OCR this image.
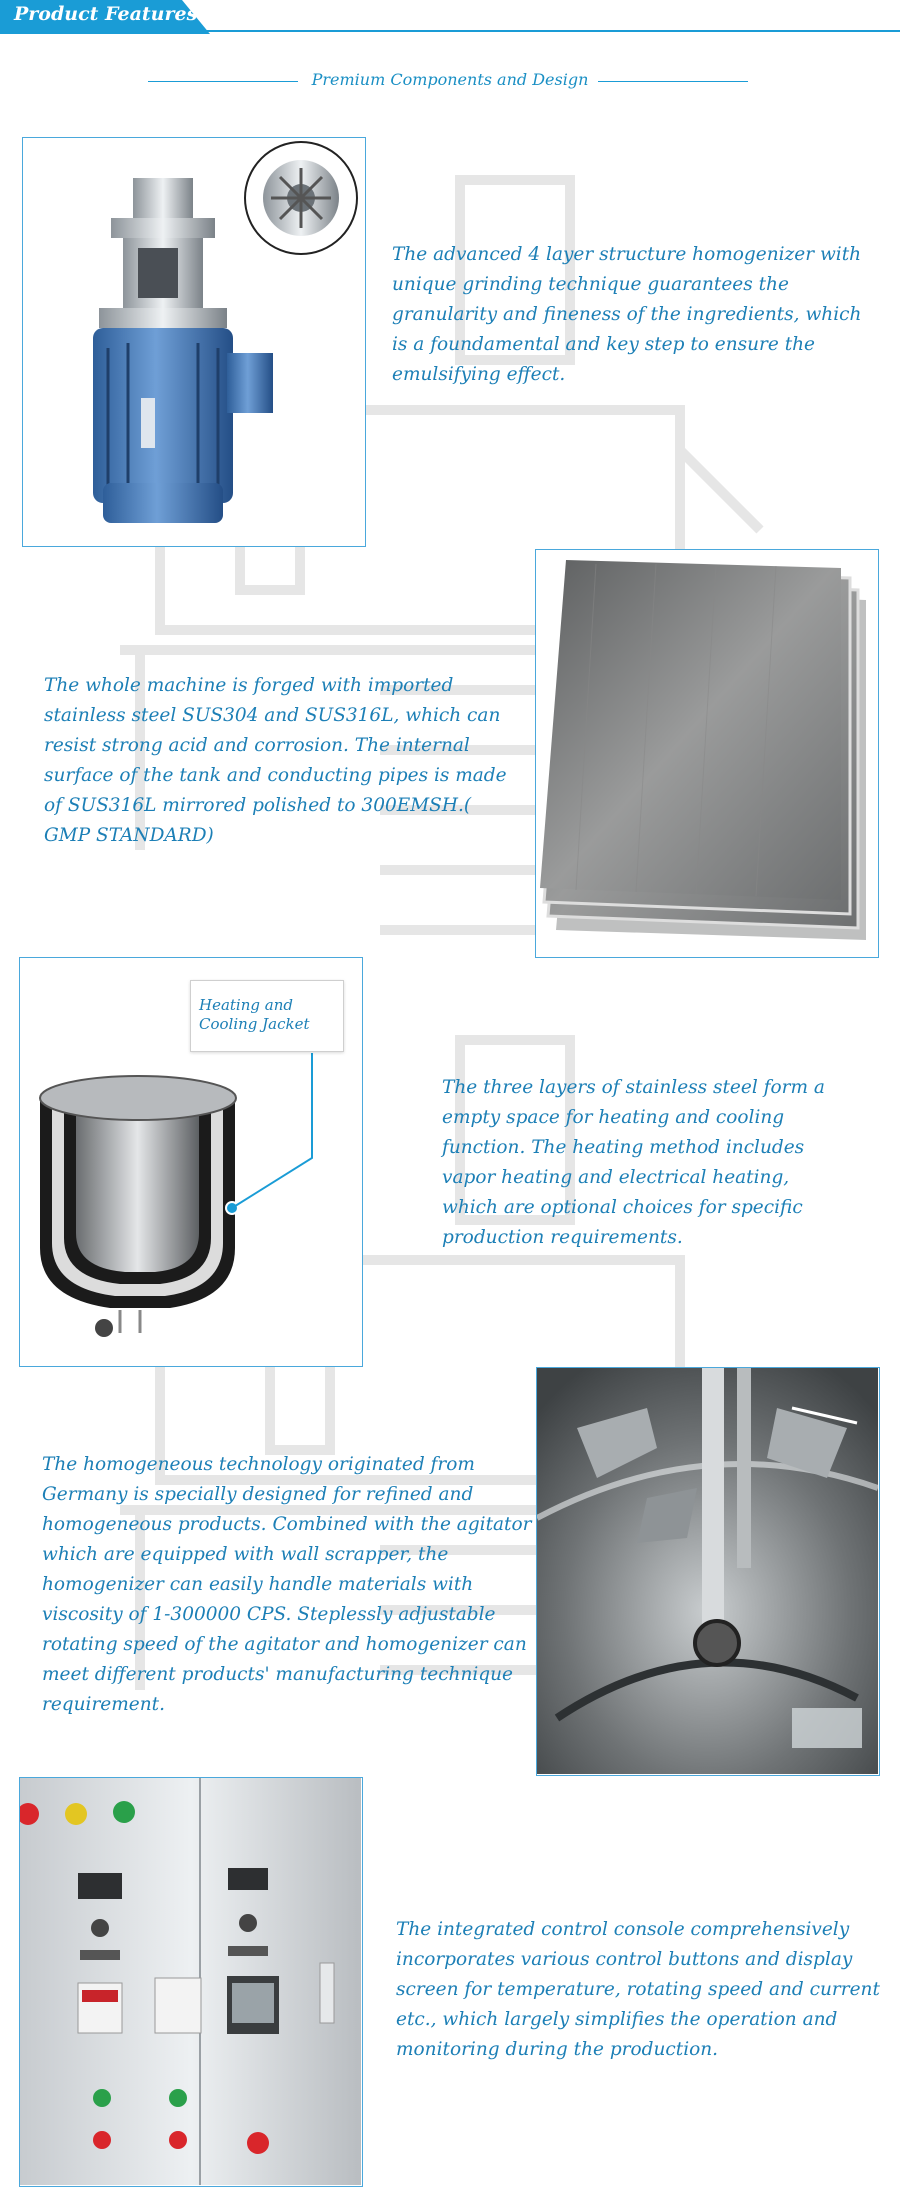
Product Features
Premium Components and Design
The advanced 4 layer structure homogenizer with unique grinding technique guarantees the granularity and fineness of the ingredients, which is a foundamental and key step to ensure the emulsifying effect.
The whole machine is forged with imported stainless steel SUS304 and SUS316L, which can resist strong acid and corrosion. The internal surface of the tank and conducting pipes is made of SUS316L mirrored polished to 300EMSH.( GMP STANDARD)
Heating and Cooling Jacket
The three layers of stainless steel form a empty space for heating and cooling function. The heating method includes vapor heating and electrical heating, which are optional choices for specific production requirements.
The homogeneous technology originated from Germany is specially designed for refined and homogeneous products. Combined with the agitator which are equipped with wall scrapper, the homogenizer can easily handle materials with viscosity of 1-300000 CPS. Steplessly adjustable rotating speed of the agitator and homogenizer can meet different products' manufacturing technique requirement.
The integrated control console comprehensively incorporates various control buttons and display screen for temperature, rotating speed and current etc., which largely simplifies the operation and monitoring during the production.
